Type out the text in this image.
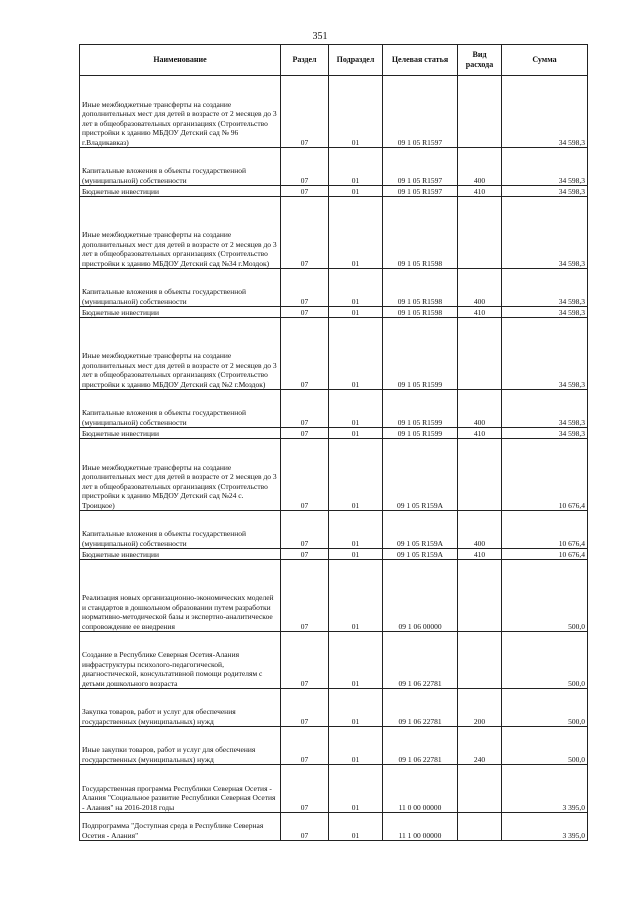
351
Наименование	Раздел	Подраздел	Целевая статья	Вид расхода	Сумма
Иные межбюджетные трансферты на создание дополнительных мест для детей в возрасте от 2 месяцев до 3 лет в общеобразовательных организациях (Строительство пристройки к зданию МБДОУ Детский сад № 96 г.Владикавказ)	07	01	09 1 05 R1597		34 598,3
Капитальные вложения в объекты государственной (муниципальной) собственности	07	01	09 1 05 R1597	400	34 598,3
Бюджетные инвестиции	07	01	09 1 05 R1597	410	34 598,3
Иные межбюджетные трансферты на создание дополнительных мест для детей в возрасте от 2 месяцев до 3 лет в общеобразовательных организациях (Строительство пристройки к зданию МБДОУ Детский сад №34 г.Моздок)	07	01	09 1 05 R1598		34 598,3
Капитальные вложения в объекты государственной (муниципальной) собственности	07	01	09 1 05 R1598	400	34 598,3
Бюджетные инвестиции	07	01	09 1 05 R1598	410	34 598,3
Иные межбюджетные трансферты на создание дополнительных мест для детей в возрасте от 2 месяцев до 3 лет в общеобразовательных организациях (Строительство пристройки к зданию МБДОУ Детский сад №2 г.Моздок)	07	01	09 1 05 R1599		34 598,3
Капитальные вложения в объекты государственной (муниципальной) собственности	07	01	09 1 05 R1599	400	34 598,3
Бюджетные инвестиции	07	01	09 1 05 R1599	410	34 598,3
Иные межбюджетные трансферты на создание дополнительных мест для детей в возрасте от 2 месяцев до 3 лет в общеобразовательных организациях (Строительство пристройки к зданию МБДОУ Детский сад №24 с. Троицкое)	07	01	09 1 05 R159A		10 676,4
Капитальные вложения в объекты государственной (муниципальной) собственности	07	01	09 1 05 R159A	400	10 676,4
Бюджетные инвестиции	07	01	09 1 05 R159A	410	10 676,4
Реализация новых организационно-экономических моделей и стандартов в дошкольном образовании путем разработки нормативно-методической базы и экспертно-аналитическое сопровождение ее внедрения	07	01	09 1 06 00000		500,0
Создание в Республике Северная Осетия-Алания инфраструктуры психолого-педагогической, диагностической, консультативной помощи родителям с детьми дошкольного возраста	07	01	09 1 06 22781		500,0
Закупка товаров, работ и услуг для обеспечения государственных (муниципальных) нужд	07	01	09 1 06 22781	200	500,0
Иные закупки товаров, работ и услуг для обеспечения государственных (муниципальных) нужд	07	01	09 1 06 22781	240	500,0
Государственная программа Республики Северная Осетия - Алания "Социальное развитие Республики Северная Осетия - Алания" на 2016-2018 годы	07	01	11 0 00 00000		3 395,0
Подпрограмма "Доступная среда в Республике Северная Осетия - Алания"	07	01	11 1 00 00000		3 395,0
